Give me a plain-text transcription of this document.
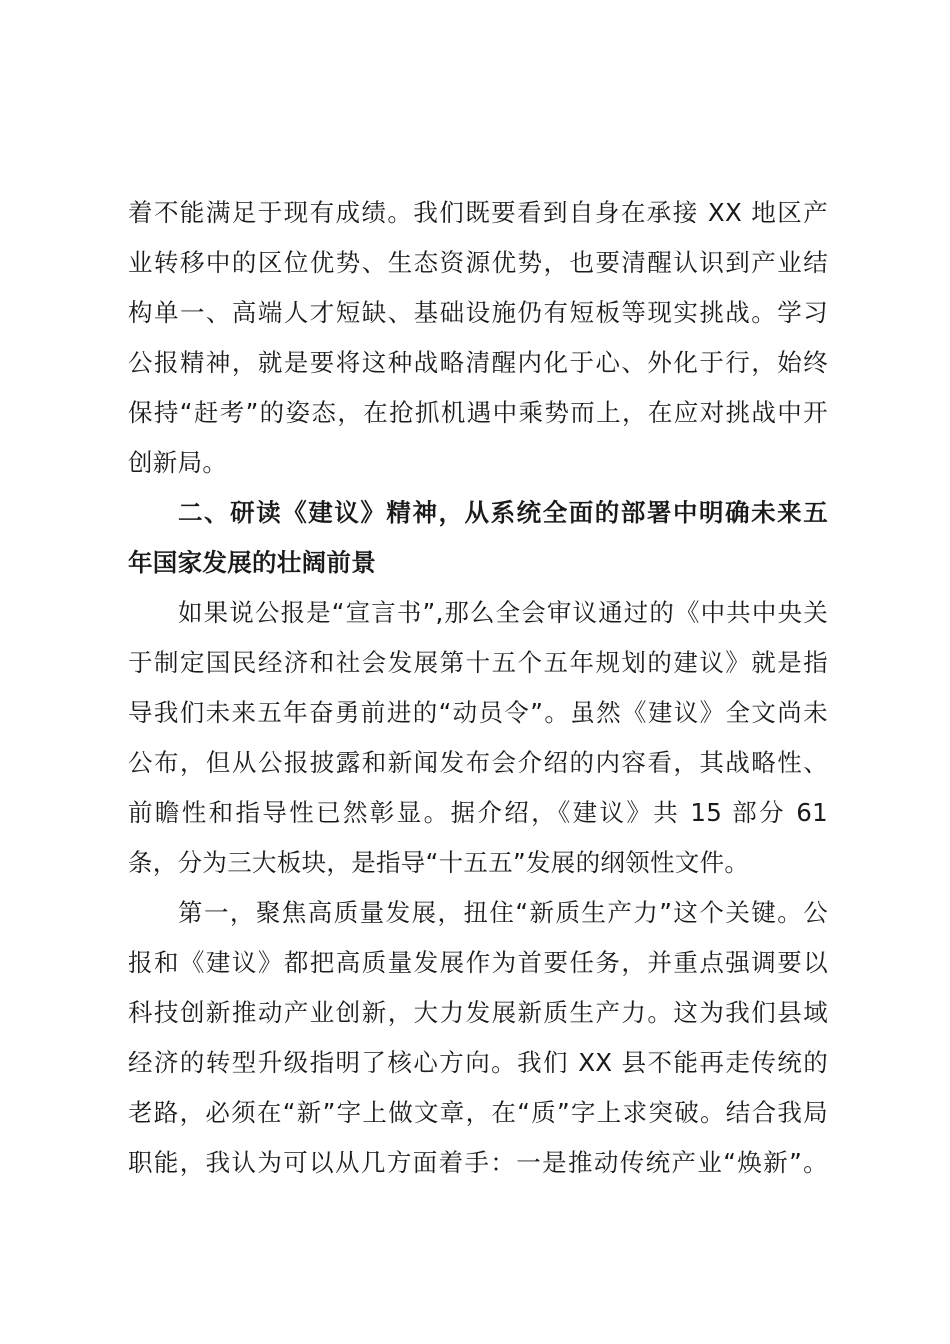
着不能满足于现有成绩。我们既要看到自身在承接 XX 地区产
业转移中的区位优势、生态资源优势，也要清醒认识到产业结
构单一、高端人才短缺、基础设施仍有短板等现实挑战。学习
公报精神，就是要将这种战略清醒内化于心、外化于行，始终
保持“赶考”的姿态，在抢抓机遇中乘势而上，在应对挑战中开
创新局。
二、研读《建议》精神，从系统全面的部署中明确未来五
年国家发展的壮阔前景
如果说公报是“宣言书”,那么全会审议通过的《中共中央关
于制定国民经济和社会发展第十五个五年规划的建议》就是指
导我们未来五年奋勇前进的“动员令”。虽然《建议》全文尚未
公布，但从公报披露和新闻发布会介绍的内容看，其战略性、
前瞻性和指导性已然彰显。据介绍，《建议》共 15 部分 61
条，分为三大板块，是指导“十五五”发展的纲领性文件。
第一，聚焦高质量发展，扭住“新质生产力”这个关键。公
报和《建议》都把高质量发展作为首要任务，并重点强调要以
科技创新推动产业创新，大力发展新质生产力。这为我们县域
经济的转型升级指明了核心方向。我们 XX 县不能再走传统的
老路，必须在“新”字上做文章，在“质”字上求突破。结合我局
职能，我认为可以从几方面着手：一是推动传统产业“焕新”。
